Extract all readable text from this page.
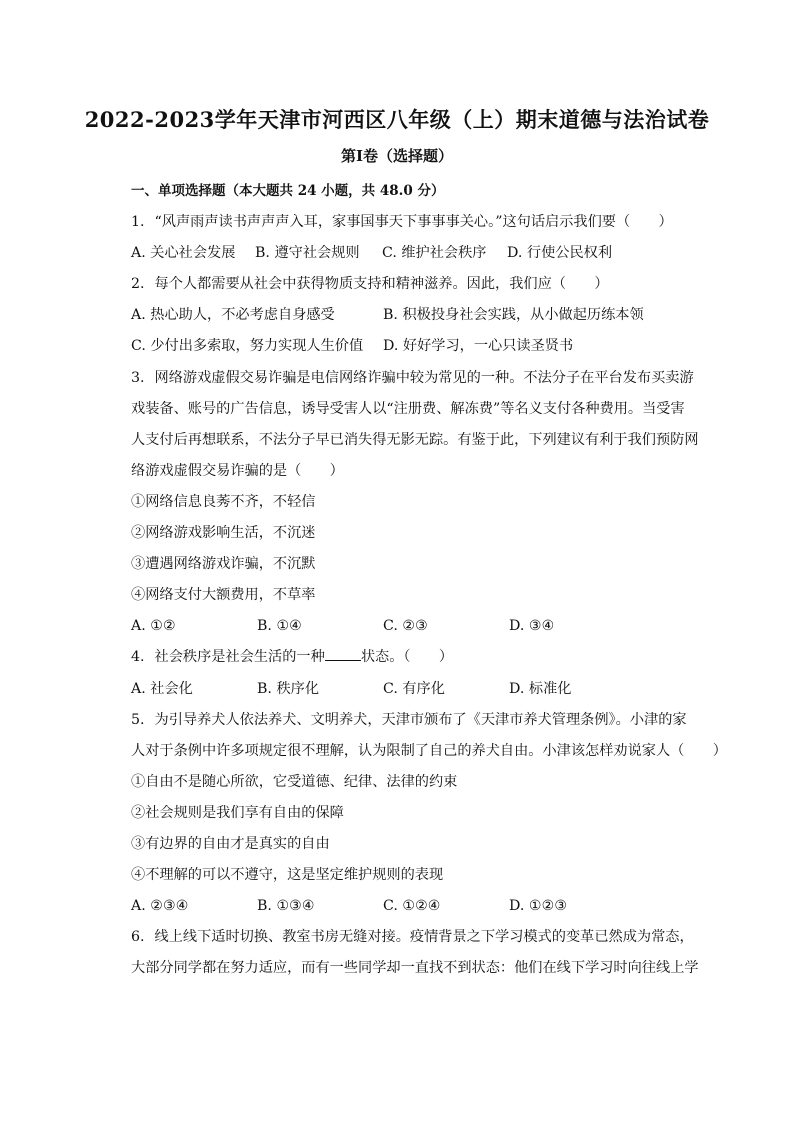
2022-2023学年天津市河西区八年级（上）期末道德与法治试卷
第I卷（选择题）
一、单项选择题（本大题共 24 小题，共 48.0 分）
1. “风声雨声读书声声声入耳，家事国事天下事事事关心。”这句话启示我们要（　　）
A. 关心社会发展	B. 遵守社会规则	C. 维护社会秩序	D. 行使公民权利
2. 每个人都需要从社会中获得物质支持和精神滋养。因此，我们应（　　）
A. 热心助人，不必考虑自身感受	B. 积极投身社会实践，从小做起历练本领
C. 少付出多索取，努力实现人生价值	D. 好好学习，一心只读圣贤书
3. 网络游戏虚假交易诈骗是电信网络诈骗中较为常见的一种。不法分子在平台发布买卖游
戏装备、账号的广告信息，诱导受害人以“注册费、解冻费”等名义支付各种费用。当受害
人支付后再想联系，不法分子早已消失得无影无踪。有鉴于此，下列建议有利于我们预防网
络游戏虚假交易诈骗的是（　　）
①网络信息良莠不齐，不轻信
②网络游戏影响生活，不沉迷
③遭遇网络游戏诈骗，不沉默
④网络支付大额费用，不草率
A. ①②	B. ①④	C. ②③	D. ③④
4. 社会秩序是社会生活的一种	状态。（　　）
A. 社会化	B. 秩序化	C. 有序化	D. 标准化
5. 为引导养犬人依法养犬、文明养犬，天津市颁布了《天津市养犬管理条例》。小津的家
人对于条例中许多项规定很不理解，认为限制了自己的养犬自由。小津该怎样劝说家人（　　）
①自由不是随心所欲，它受道德、纪律、法律的约束
②社会规则是我们享有自由的保障
③有边界的自由才是真实的自由
④不理解的可以不遵守，这是坚定维护规则的表现
A. ②③④	B. ①③④	C. ①②④	D. ①②③
6. 线上线下适时切换、教室书房无缝对接。疫情背景之下学习模式的变革已然成为常态，
大部分同学都在努力适应，而有一些同学却一直找不到状态：他们在线下学习时向往线上学
